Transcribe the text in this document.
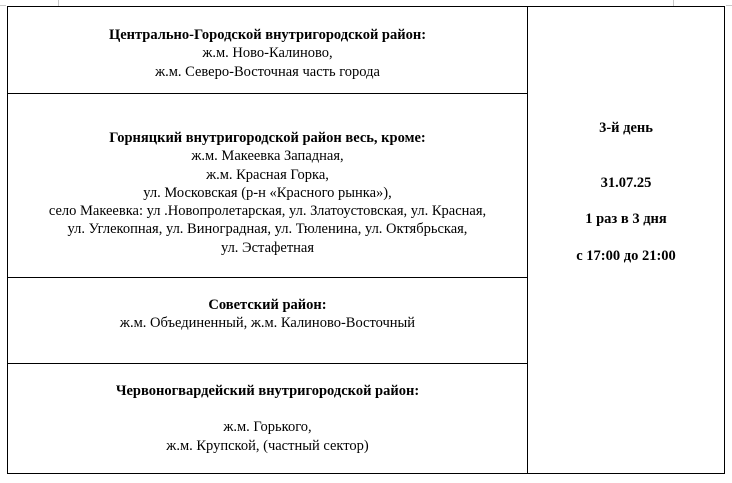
Центрально-Городской внутригородской район:
ж.м. Ново-Калиново,
ж.м. Северо-Восточная часть города
Горняцкий внутригородской район весь, кроме:
ж.м. Макеевка Западная,
ж.м. Красная Горка,
ул. Московская (р-н «Красного рынка»),
село Макеевка: ул .Новопролетарская, ул. Златоустовская, ул. Красная,
ул. Углекопная, ул. Виноградная, ул. Тюленина, ул. Октябрьская,
ул. Эстафетная
Советский район:
ж.м. Объединенный, ж.м. Калиново-Восточный
Червоногвардейский внутригородской район:
ж.м. Горького,
ж.м. Крупской, (частный сектор)
3-й день
31.07.25
1 раз в 3 дня
с 17:00 до 21:00
